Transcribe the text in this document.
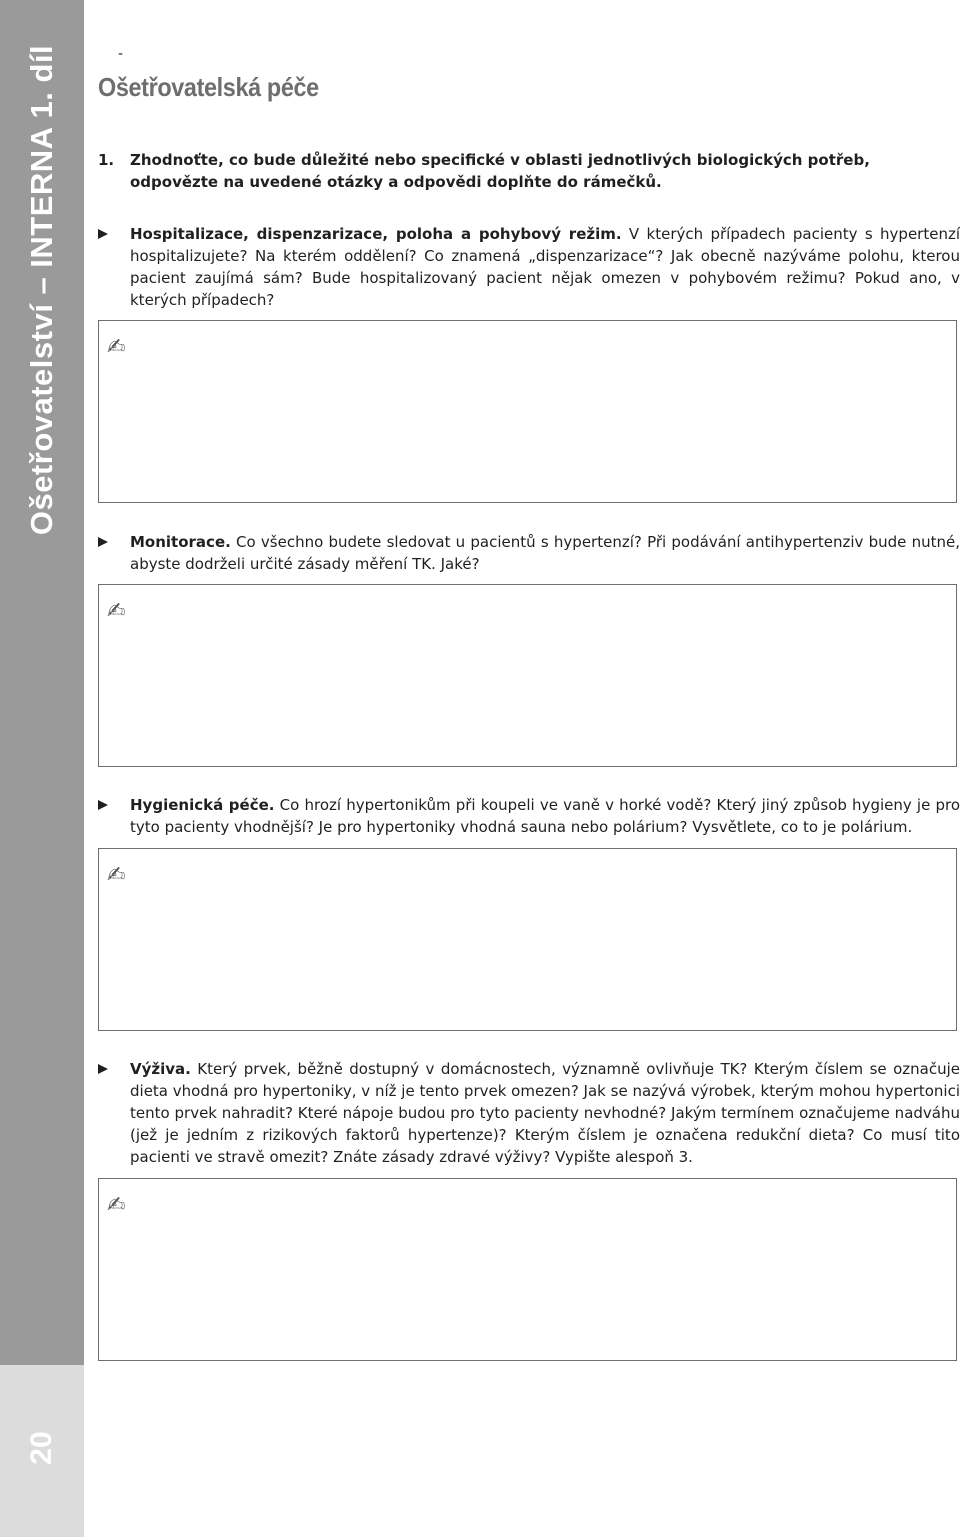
Ošetřovatelství – INTERNA 1. díl
20
-
Ošetřovatelská péče
1. Zhodnoťte, co bude důležité nebo specifické v oblasti jednotlivých biologických potřeb, odpovězte na uvedené otázky a odpovědi doplňte do rámečků.
Hospitalizace, dispenzarizace, poloha a pohybový režim. V kterých případech pacienty s hypertenzí hospitalizujete? Na kterém oddělení? Co znamená „dispenzarizace“? Jak obecně nazýváme polohu, kterou pacient zaujímá sám? Bude hospitalizovaný pacient nějak omezen v pohybovém režimu? Pokud ano, v kterých případech?
✍
Monitorace. Co všechno budete sledovat u pacientů s hypertenzí? Při podávání antihypertenziv bude nutné, abyste dodrželi určité zásady měření TK. Jaké?
✍
Hygienická péče. Co hrozí hypertonikům při koupeli ve vaně v horké vodě? Který jiný způsob hygieny je pro tyto pacienty vhodnější? Je pro hypertoniky vhodná sauna nebo polárium? Vysvětlete, co to je polárium.
✍
Výživa. Který prvek, běžně dostupný v domácnostech, významně ovlivňuje TK? Kterým číslem se označuje dieta vhodná pro hypertoniky, v níž je tento prvek omezen? Jak se nazývá výrobek, kterým mohou hypertonici tento prvek nahradit? Které nápoje budou pro tyto pacienty nevhodné? Jakým termínem označujeme nadváhu (jež je jedním z rizikových faktorů hypertenze)? Kterým číslem je označena redukční dieta? Co musí tito pacienti ve stravě omezit? Znáte zásady zdravé výživy? Vypište alespoň 3.
✍
